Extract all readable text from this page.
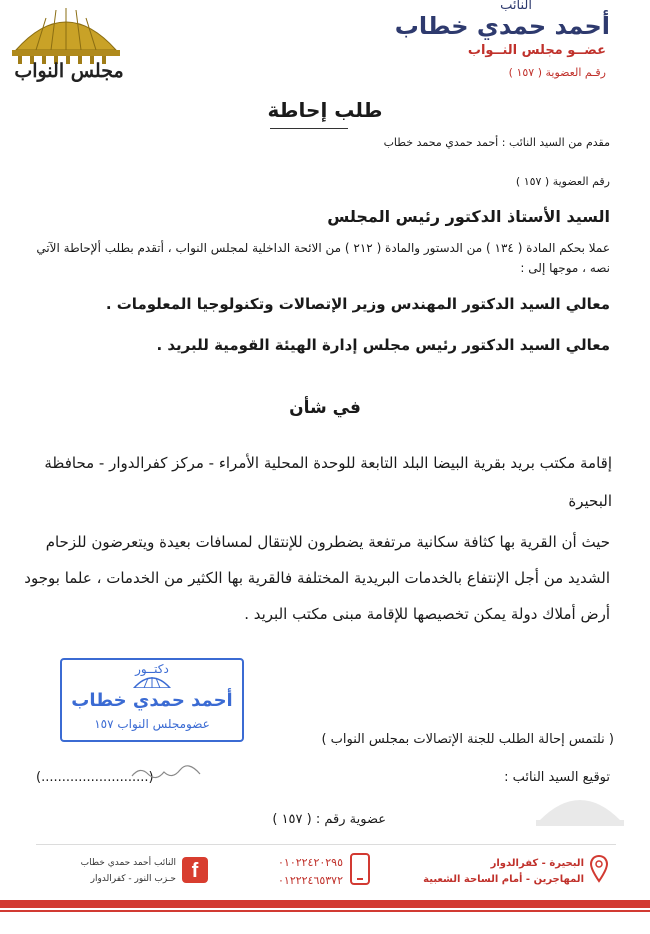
مجلس النواب
النائب
أحمد حمدي خطاب
عضــو مجلس النــواب
رقـم العضوية ( ١٥٧ )
طلب إحاطة
مقدم من السيد النائب : أحمد حمدي محمد خطاب
رقم العضوية ( ١٥٧ )
السيد الأستاذ الدكتور رئيس المجلس
عملا بحكم المادة ( ١٣٤ ) من الدستور والمادة ( ٢١٢ ) من الائحة الداخلية لمجلس النواب ، أتقدم بطلب ألإحاطة الآتي نصه ، موجها إلى :
معالي السيد الدكتور المهندس وزير الإتصالات وتكنولوجيا المعلومات .
معالي السيد الدكتور رئيس مجلس إدارة الهيئة القومية للبريد .
في شأن
إقامة مكتب بريد بقرية البيضا البلد التابعة للوحدة المحلية الأمراء - مركز كفرالدوار - محافظة البحيرة
حيث أن القرية بها كثافة سكانية مرتفعة يضطرون للإنتقال لمسافات بعيدة ويتعرضون للزحام الشديد من أجل الإنتفاع بالخدمات البريدية المختلفة فالقرية بها الكثير من الخدمات ، علما بوجود أرض أملاك دولة يمكن تخصيصها للإقامة مبنى مكتب البريد .
دكتــور
أحمد حمدي خطاب
عضومجلس النواب ١٥٧
( نلتمس إحالة الطلب للجنة الإتصالات بمجلس النواب )
توقيع السيد النائب :
(..........................)
عضوية رقم : ( ١٥٧ )
f
النائب أحمد حمدي خطاب
حـزب النور - كفرالدوار
٠١٠٢٢٤٢٠٢٩٥
٠١٢٢٢٤٦٥٣٧٢
البحيرة - كفرالدوار
المهاجرين - أمام الساحة الشعبية
